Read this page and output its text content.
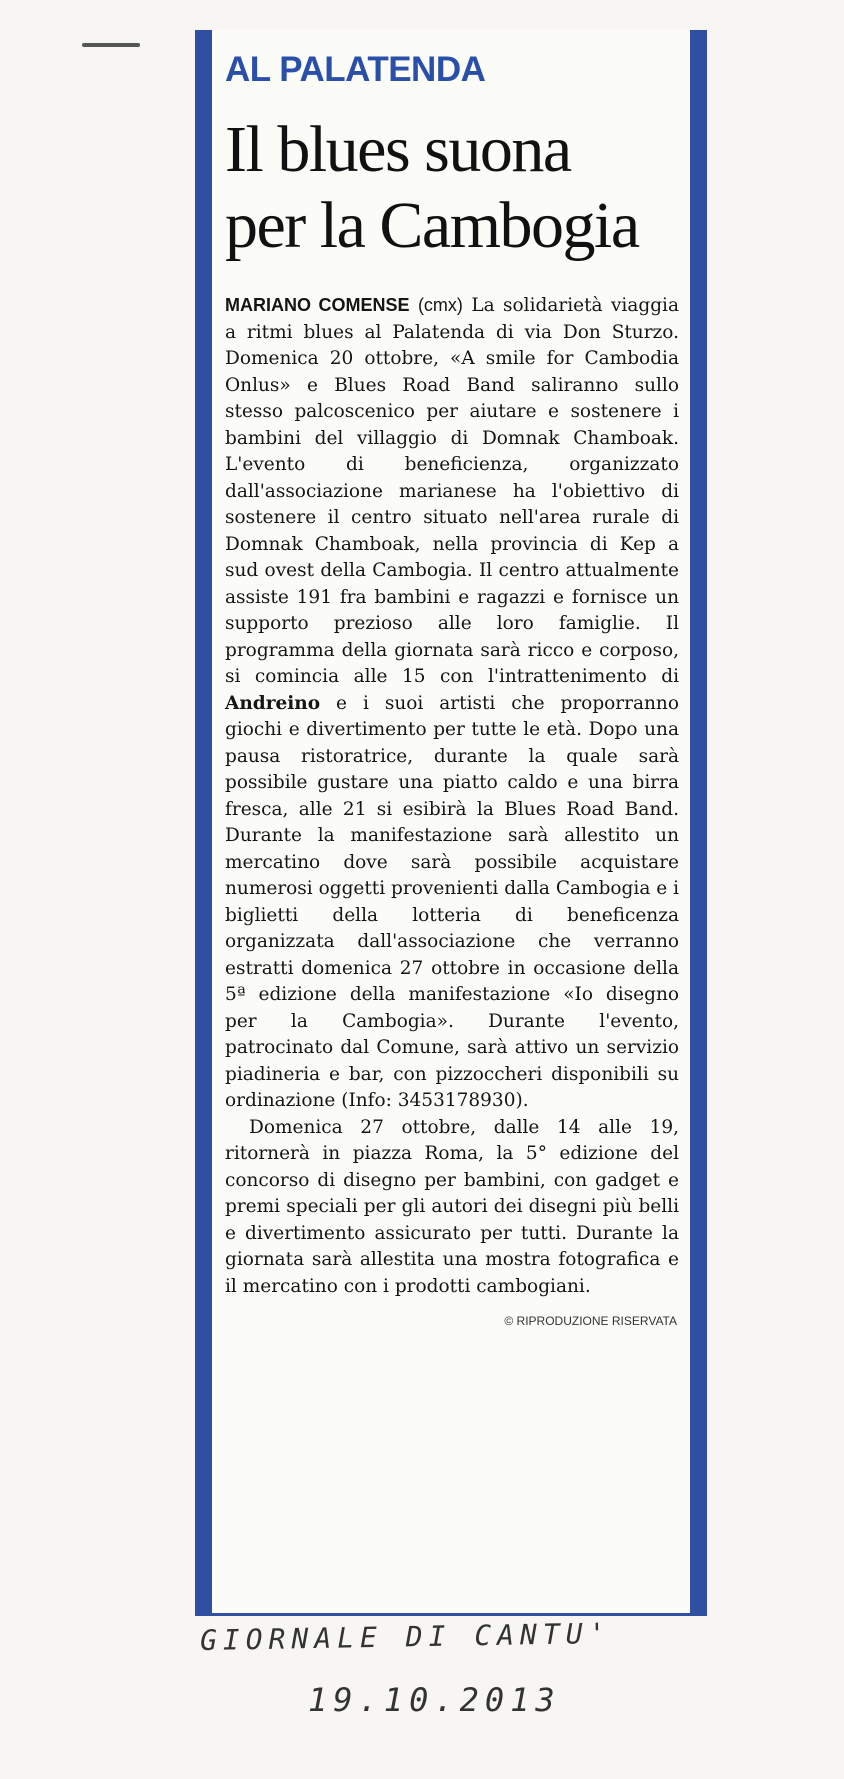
AL PALATENDA
Il blues suona
per la Cambogia

MARIANO COMENSE (cmx) La solidarietà viaggia a ritmi blues al Palatenda di via Don Sturzo. Domenica 20 ottobre, «A smile for Cambodia Onlus» e Blues Road Band saliranno sullo stesso palcoscenico per aiutare e sostenere i bambini del villaggio di Domnak Chamboak. L'evento di beneficienza, organizzato dall'associazione marianese ha l'obiettivo di sostenere il centro situato nell'area rurale di Domnak Chamboak, nella provincia di Kep a sud ovest della Cambogia. Il centro attualmente assiste 191 fra bambini e ragazzi e fornisce un supporto prezioso alle loro famiglie. Il programma della giornata sarà ricco e corposo, si comincia alle 15 con l'intrattenimento di Andreino e i suoi artisti che proporranno giochi e divertimento per tutte le età. Dopo una pausa ristoratrice, durante la quale sarà possibile gustare una piatto caldo e una birra fresca, alle 21 si esibirà la Blues Road Band. Durante la manifestazione sarà allestito un mercatino dove sarà possibile acquistare numerosi oggetti provenienti dalla Cambogia e i biglietti della lotteria di beneficenza organizzata dall'associazione che verranno estratti domenica 27 ottobre in occasione della 5ª edizione della manifestazione «Io disegno per la Cambogia». Durante l'evento, patrocinato dal Comune, sarà attivo un servizio piadineria e bar, con pizzoccheri disponibili su ordinazione (Info: 3453178930).

Domenica 27 ottobre, dalle 14 alle 19, ritornerà in piazza Roma, la 5° edizione del concorso di disegno per bambini, con gadget e premi speciali per gli autori dei disegni più belli e divertimento assicurato per tutti. Durante la giornata sarà allestita una mostra fotografica e il mercatino con i prodotti cambogiani.

© RIPRODUZIONE RISERVATA
GIORNALE DI CANTU'
19.10.2013
